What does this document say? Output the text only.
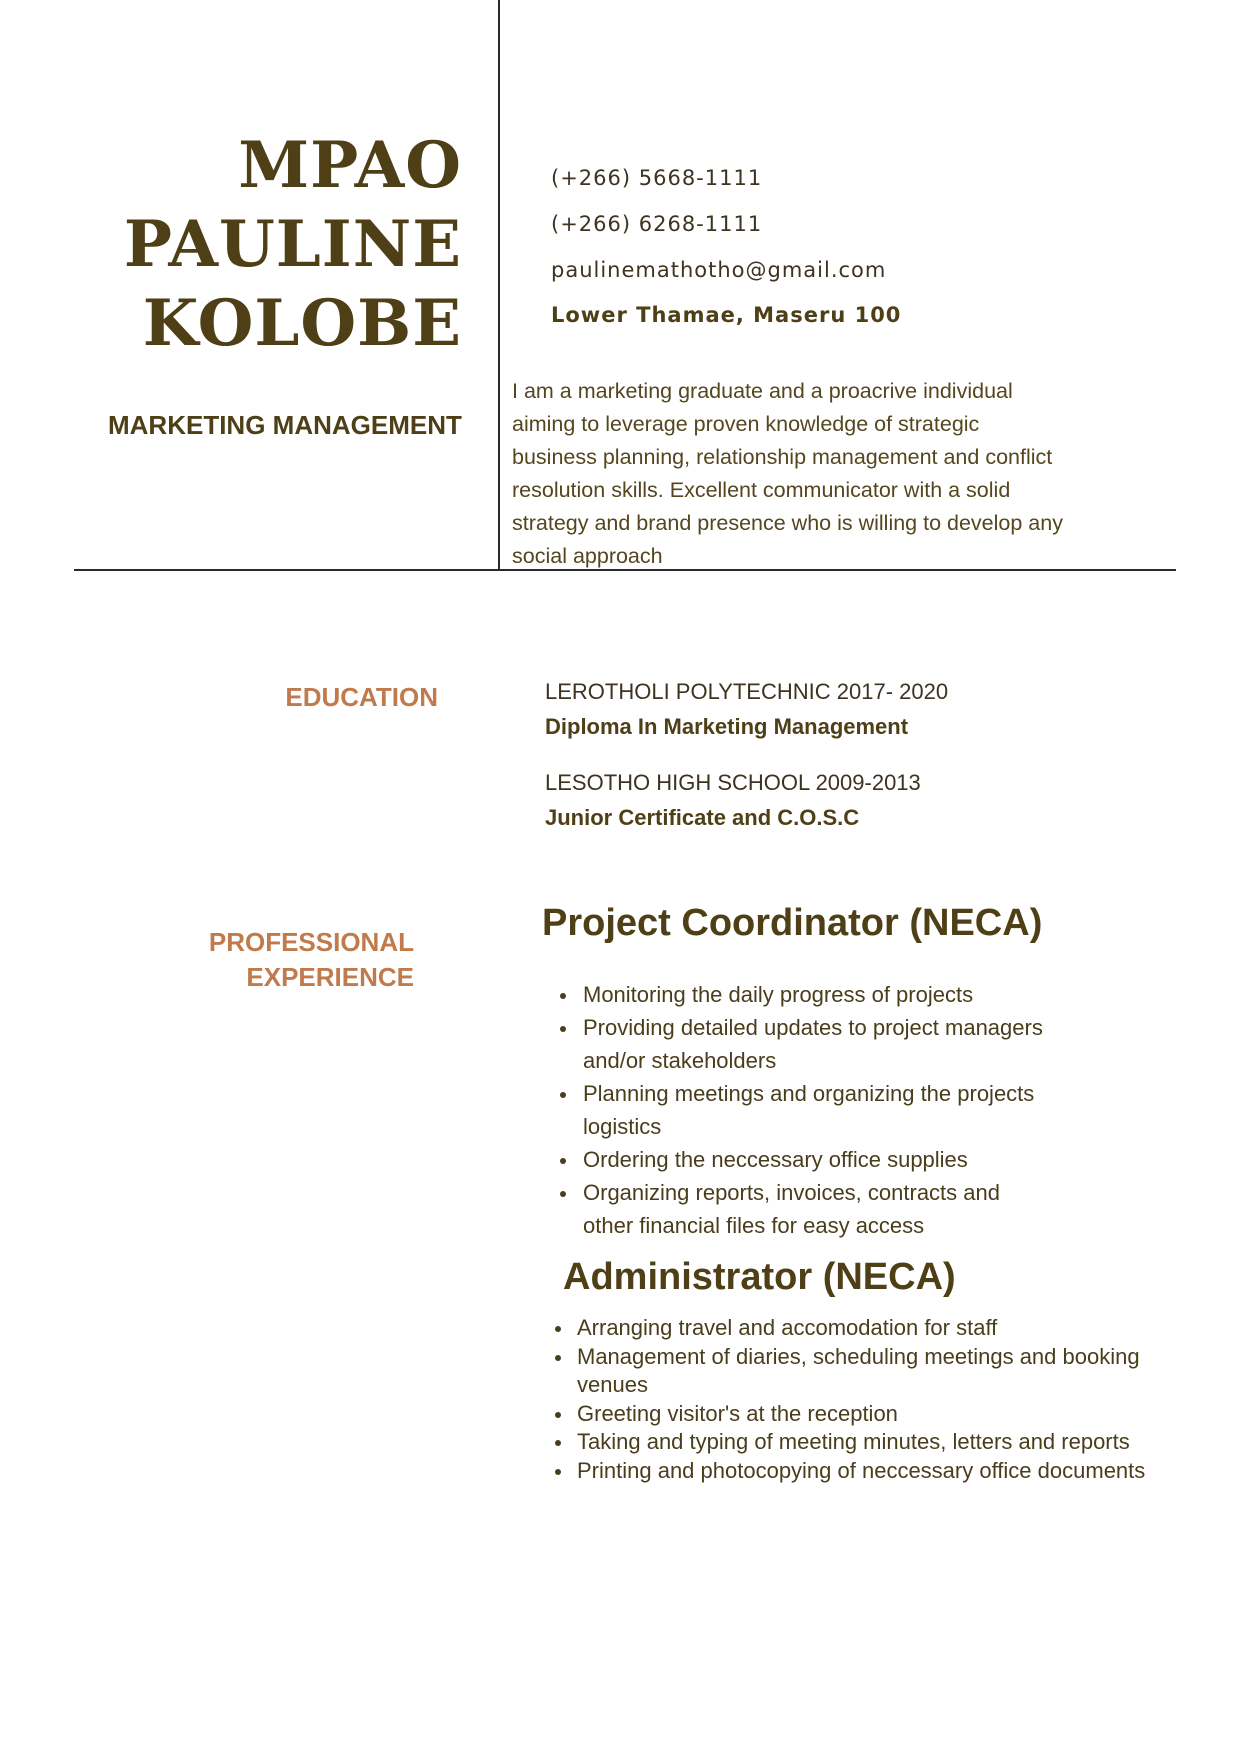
MPAO
PAULINE
KOLOBE
MARKETING MANAGEMENT
(+266) 5668-1111
(+266) 6268-1111
paulinemathotho@gmail.com
Lower Thamae, Maseru 100
I am a marketing graduate and a proacrive individual
aiming to leverage proven knowledge of strategic
business planning, relationship management and conflict
resolution skills. Excellent communicator with a solid
strategy and brand presence who is willing to develop any
social approach
EDUCATION	LEROTHOLI POLYTECHNIC 2017- 2020
Diploma In Marketing Management
LESOTHO HIGH SCHOOL 2009-2013
Junior Certificate and C.O.S.C
PROFESSIONAL
EXPERIENCE
Project Coordinator (NECA)
Monitoring the daily progress of projects
Providing detailed updates to project managers
and/or stakeholders
Planning meetings and organizing the projects
logistics
Ordering the neccessary office supplies
Organizing reports, invoices, contracts and
other financial files for easy access
Administrator (NECA)
Arranging travel and accomodation for staff
Management of diaries, scheduling meetings and booking
venues
Greeting visitor's at the reception
Taking and typing of meeting minutes, letters and reports
Printing and photocopying of neccessary office documents
